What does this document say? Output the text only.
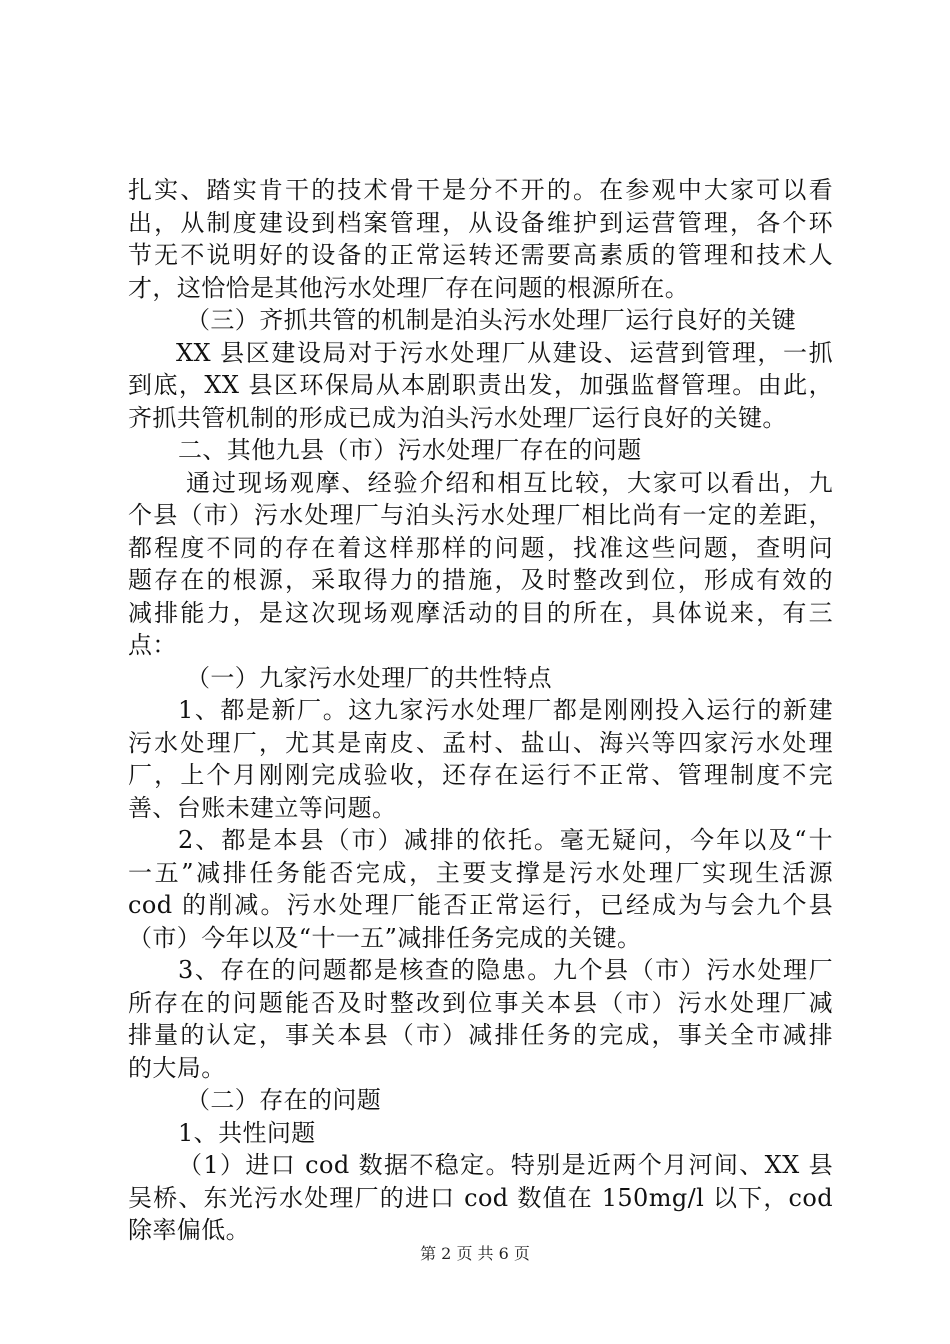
扎实、踏实肯干的技术骨干是分不开的。在参观中大家可以看
出，从制度建设到档案管理，从设备维护到运营管理，各个环
节无不说明好的设备的正常运转还需要高素质的管理和技术人
才，这恰恰是其他污水处理厂存在问题的根源所在。
（三）齐抓共管的机制是泊头污水处理厂运行良好的关键
XX 县区建设局对于污水处理厂从建设、运营到管理，一抓
到底，XX 县区环保局从本剧职责出发，加强监督管理。由此，
齐抓共管机制的形成已成为泊头污水处理厂运行良好的关键。
二、其他九县（市）污水处理厂存在的问题
通过现场观摩、经验介绍和相互比较，大家可以看出，九
个县（市）污水处理厂与泊头污水处理厂相比尚有一定的差距，
都程度不同的存在着这样那样的问题，找准这些问题，查明问
题存在的根源，采取得力的措施，及时整改到位，形成有效的
减排能力，是这次现场观摩活动的目的所在，具体说来，有三
点：
（一）九家污水处理厂的共性特点
1、都是新厂。这九家污水处理厂都是刚刚投入运行的新建
污水处理厂，尤其是南皮、孟村、盐山、海兴等四家污水处理
厂，上个月刚刚完成验收，还存在运行不正常、管理制度不完
善、台账未建立等问题。
2、都是本县（市）减排的依托。毫无疑问，今年以及“十
一五”减排任务能否完成，主要支撑是污水处理厂实现生活源
cod 的削减。污水处理厂能否正常运行，已经成为与会九个县
（市）今年以及“十一五”减排任务完成的关键。
3、存在的问题都是核查的隐患。九个县（市）污水处理厂
所存在的问题能否及时整改到位事关本县（市）污水处理厂减
排量的认定，事关本县（市）减排任务的完成，事关全市减排
的大局。
（二）存在的问题
1、共性问题
（1）进口 cod 数据不稳定。特别是近两个月河间、XX 县
吴桥、东光污水处理厂的进口 cod 数值在 150mg/l 以下，cod
除率偏低。
第 2 页 共 6 页
